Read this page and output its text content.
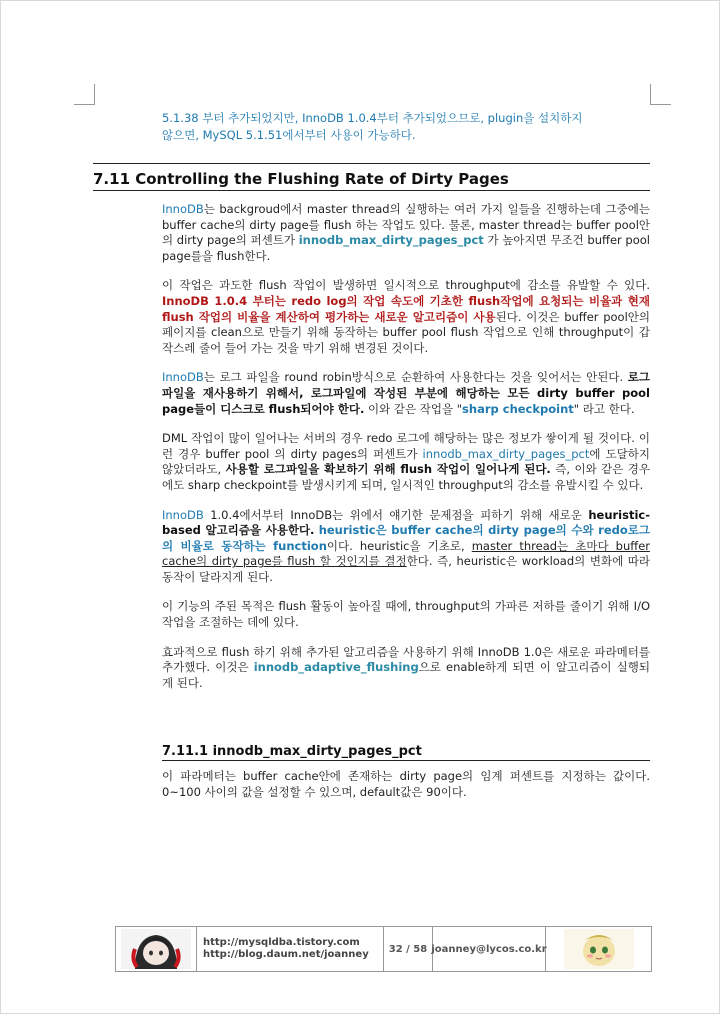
5.1.38 부터 추가되었지만, InnoDB 1.0.4부터 추가되었으므로, plugin을 설치하지
않으면, MySQL 5.1.51에서부터 사용이 가능하다.
7.11 Controlling the Flushing Rate of Dirty Pages

InnoDB는 backgroud에서 master thread의 실행하는 여러 가지 일들을 진행하는데 그중에는 buffer cache의 dirty page를 flush 하는 작업도 있다. 물론, master thread는 buffer pool안의 dirty page의 퍼센트가 innodb_max_dirty_pages_pct 가 높아지면 무조건 buffer pool page를을 flush한다.

이 작업은 과도한 flush 작업이 발생하면 일시적으로 throughput에 감소를 유발할 수 있다. InnoDB 1.0.4 부터는 redo log의 작업 속도에 기초한 flush작업에 요청되는 비율과 현재 flush 작업의 비율을 계산하여 평가하는 새로운 알고리즘이 사용된다. 이것은 buffer pool안의 페이지를 clean으로 만들기 위해 동작하는 buffer pool flush 작업으로 인해 throughput이 갑작스레 줄어 들어 가는 것을 막기 위해 변경된 것이다.

InnoDB는 로그 파일을 round robin방식으로 순환하여 사용한다는 것을 잊어서는 안된다. 로그 파일을 재사용하기 위해서, 로그파일에 작성된 부분에 해당하는 모든 dirty buffer pool page들이 디스크로 flush되어야 한다. 이와 같은 작업을 "sharp checkpoint" 라고 한다.

DML 작업이 많이 일어나는 서버의 경우 redo 로그에 해당하는 많은 정보가 쌓이게 될 것이다. 이런 경우 buffer pool 의 dirty pages의 퍼센트가 innodb_max_dirty_pages_pct에 도달하지 않았더라도, 사용할 로그파일을 확보하기 위해 flush 작업이 일어나게 된다. 즉, 이와 같은 경우에도 sharp checkpoint를 발생시키게 되며, 일시적인 throughput의 감소를 유발시킬 수 있다.

InnoDB 1.0.4에서부터 InnoDB는 위에서 얘기한 문제점을 피하기 위해 새로운 heuristic-based 알고리즘을 사용한다. heuristic은 buffer cache의 dirty page의 수와 redo로그의 비율로 동작하는 function이다. heuristic을 기초로, master thread는 초마다 buffer cache의 dirty page를 flush 할 것인지를 결정한다. 즉, heuristic은 workload의 변화에 따라 동작이 달라지게 된다.

이 기능의 주된 목적은 flush 활동이 높아질 때에, throughput의 가파른 저하를 줄이기 위해 I/O 작업을 조절하는 데에 있다.

효과적으로 flush 하기 위해 추가된 알고리즘을 사용하기 위해 InnoDB 1.0은 새로운 파라메터를 추가했다. 이것은 innodb_adaptive_flushing으로 enable하게 되면 이 알고리즘이 실행되게 된다.

7.11.1 innodb_max_dirty_pages_pct

이 파라메터는 buffer cache안에 존재하는 dirty page의 임계 퍼센트를 지정하는 값이다. 0~100 사이의 값을 설정할 수 있으며, default값은 90이다.

http://mysqldba.tistory.com
http://blog.daum.net/joanney	32 / 58 joanney@lycos.co.kr
